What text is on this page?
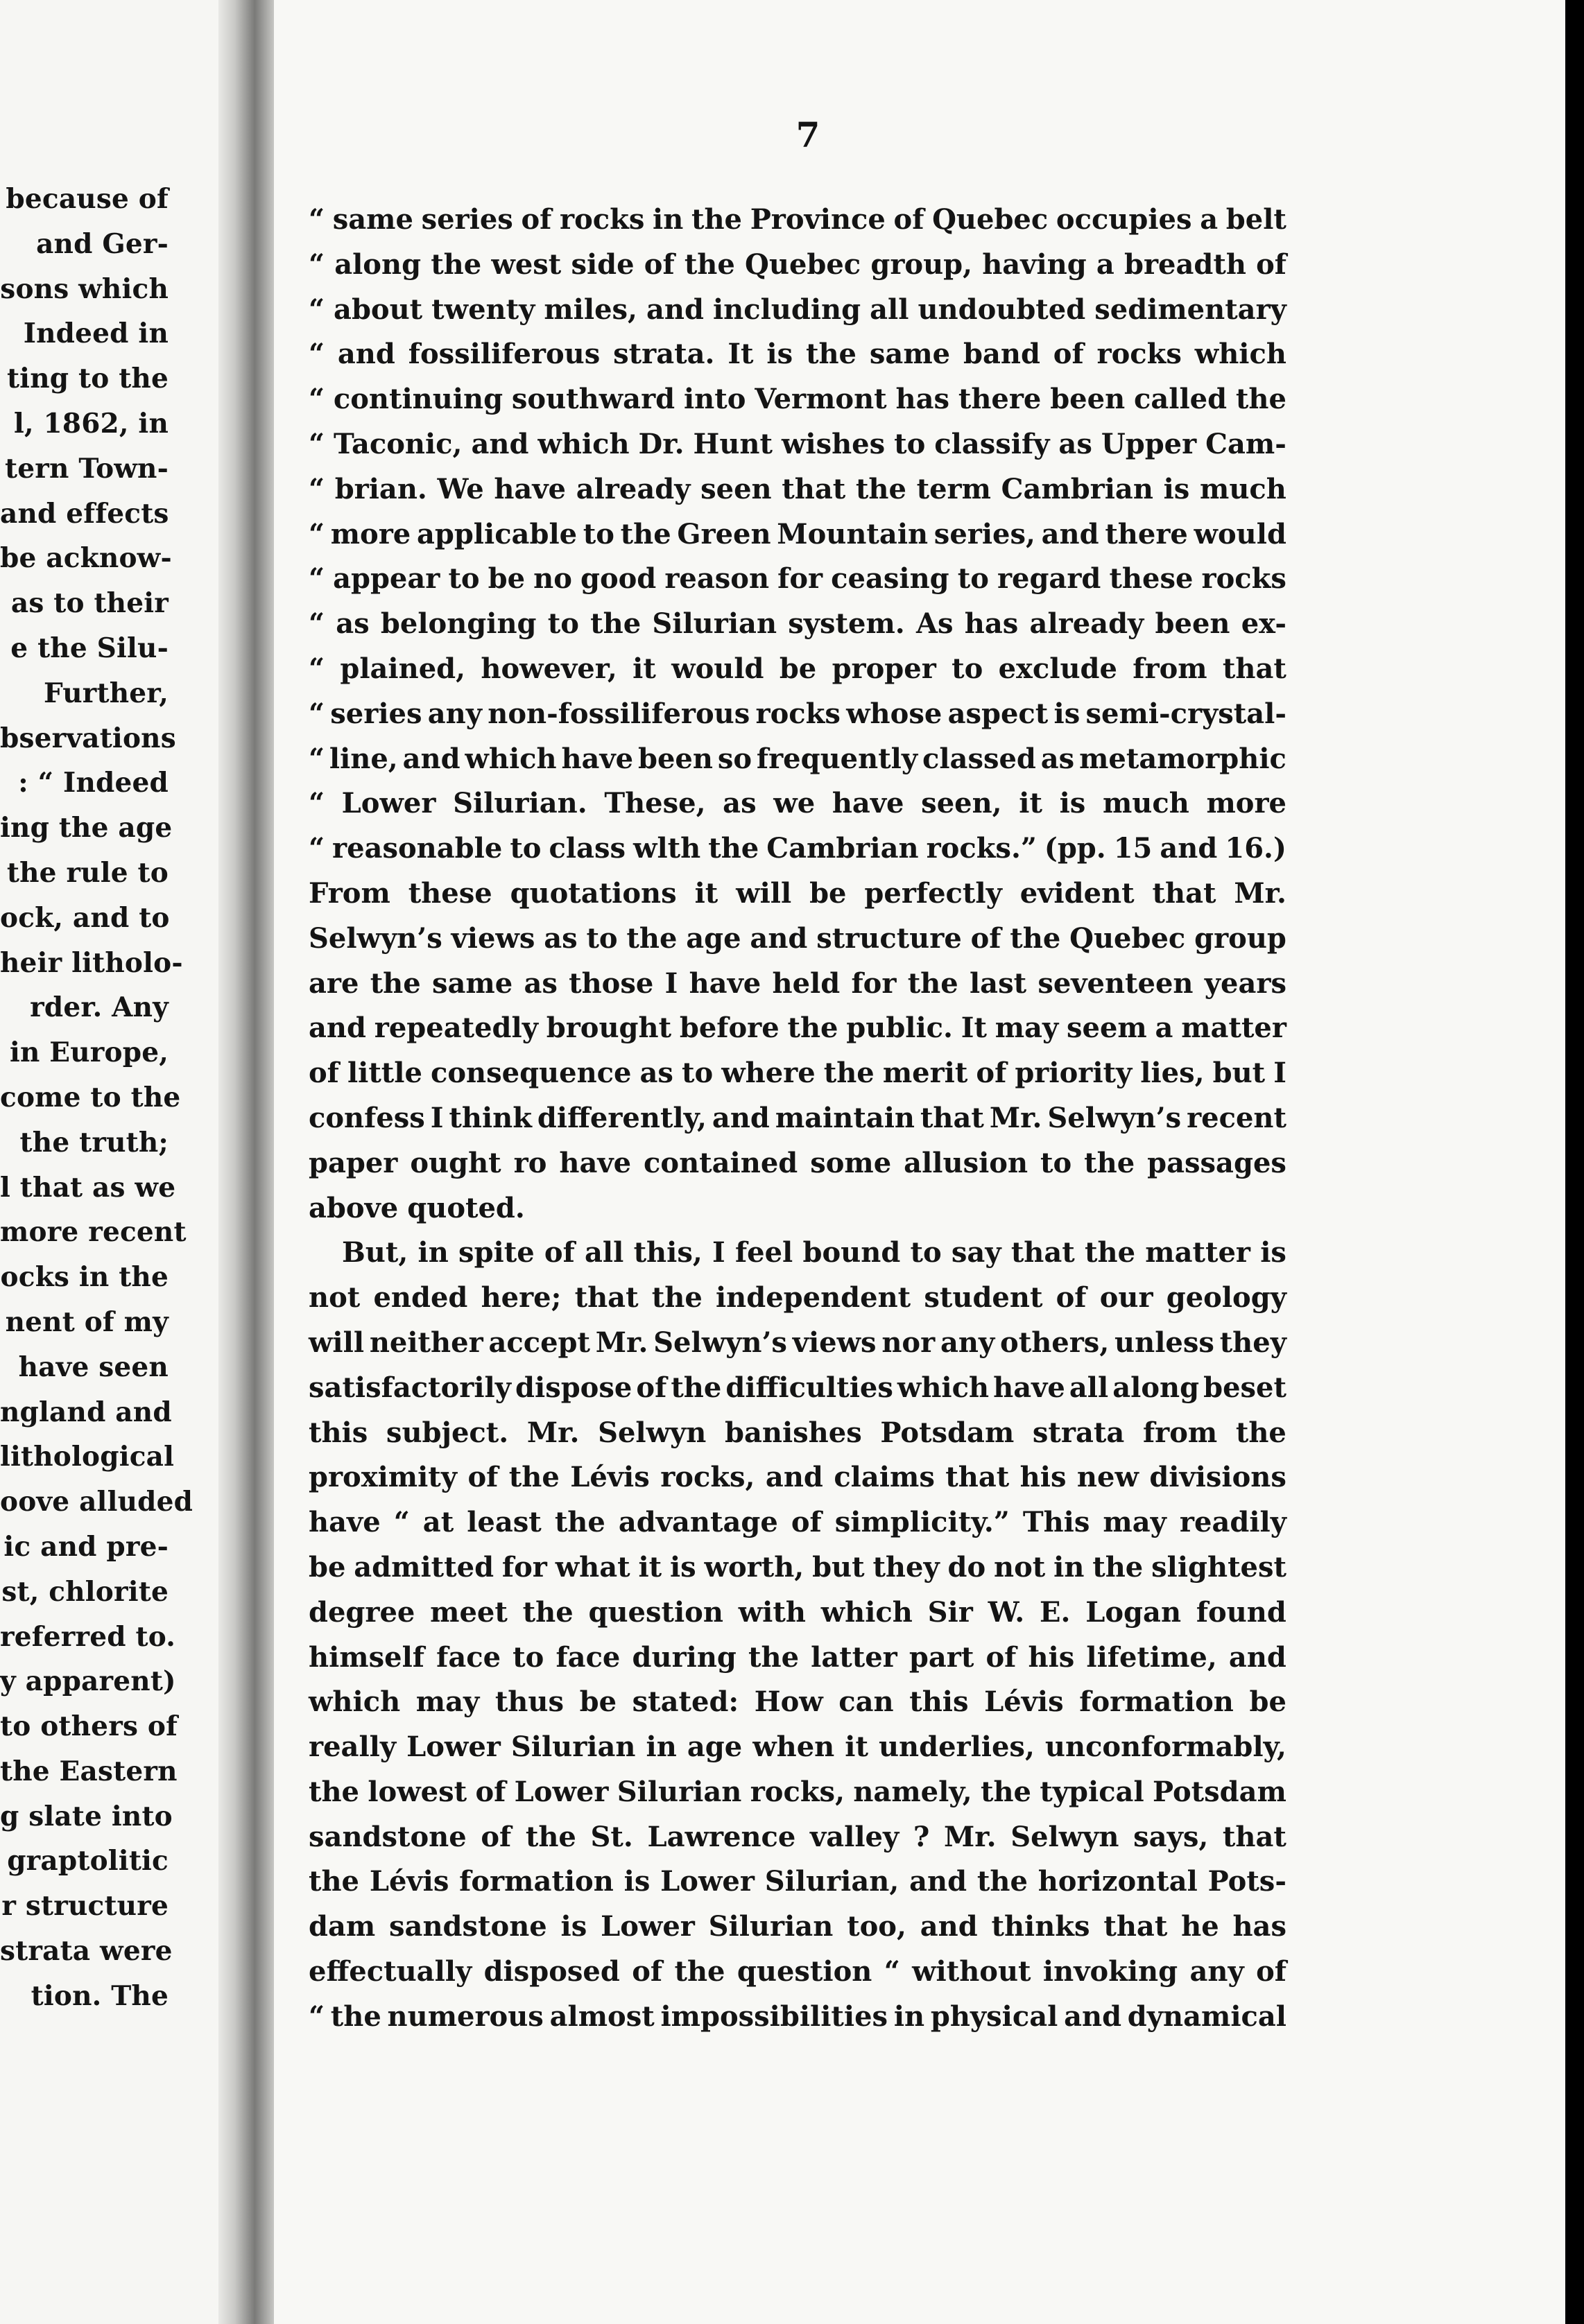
because of
and Ger-
sons which
Indeed in
ting to the
l, 1862, in
tern Town-
and effects
be acknow-
as to their
e the Silu-
Further,
bservations
: “ Indeed
ing the age
the rule to
ock, and to
heir litholo-
rder. Any
in Europe,
come to the
the truth;
l that as we
more recent
ocks in the
nent of my
have seen
ngland and
lithological
oove alluded
ic and pre-
st, chlorite
referred to.
y apparent)
to others of
the Eastern
g slate into
graptolitic
r structure
strata were
tion. The
7
“ same series of rocks in the Province of Quebec occupies a belt
“ along the west side of the Quebec group, having a breadth of
“ about twenty miles, and including all undoubted sedimentary
“ and fossiliferous strata. It is the same band of rocks which
“ continuing southward into Vermont has there been called the
“ Taconic, and which Dr. Hunt wishes to classify as Upper Cam-
“ brian. We have already seen that the term Cambrian is much
“ more applicable to the Green Mountain series, and there would
“ appear to be no good reason for ceasing to regard these rocks
“ as belonging to the Silurian system. As has already been ex-
“ plained, however, it would be proper to exclude from that
“ series any non-fossiliferous rocks whose aspect is semi-crystal-
“ line, and which have been so frequently classed as metamorphic
“ Lower Silurian. These, as we have seen, it is much more
“ reasonable to class wlth the Cambrian rocks.” (pp. 15 and 16.)
From these quotations it will be perfectly evident that Mr.
Selwyn’s views as to the age and structure of the Quebec group
are the same as those I have held for the last seventeen years
and repeatedly brought before the public. It may seem a matter
of little consequence as to where the merit of priority lies, but I
confess I think differently, and maintain that Mr. Selwyn’s recent
paper ought ro have contained some allusion to the passages
above quoted.
But, in spite of all this, I feel bound to say that the matter is
not ended here; that the independent student of our geology
will neither accept Mr. Selwyn’s views nor any others, unless they
satisfactorily dispose of the difficulties which have all along beset
this subject. Mr. Selwyn banishes Potsdam strata from the
proximity of the Lévis rocks, and claims that his new divisions
have “ at least the advantage of simplicity.” This may readily
be admitted for what it is worth, but they do not in the slightest
degree meet the question with which Sir W. E. Logan found
himself face to face during the latter part of his lifetime, and
which may thus be stated: How can this Lévis formation be
really Lower Silurian in age when it underlies, unconformably,
the lowest of Lower Silurian rocks, namely, the typical Potsdam
sandstone of the St. Lawrence valley ? Mr. Selwyn says, that
the Lévis formation is Lower Silurian, and the horizontal Pots-
dam sandstone is Lower Silurian too, and thinks that he has
effectually disposed of the question “ without invoking any of
“ the numerous almost impossibilities in physical and dynamical
